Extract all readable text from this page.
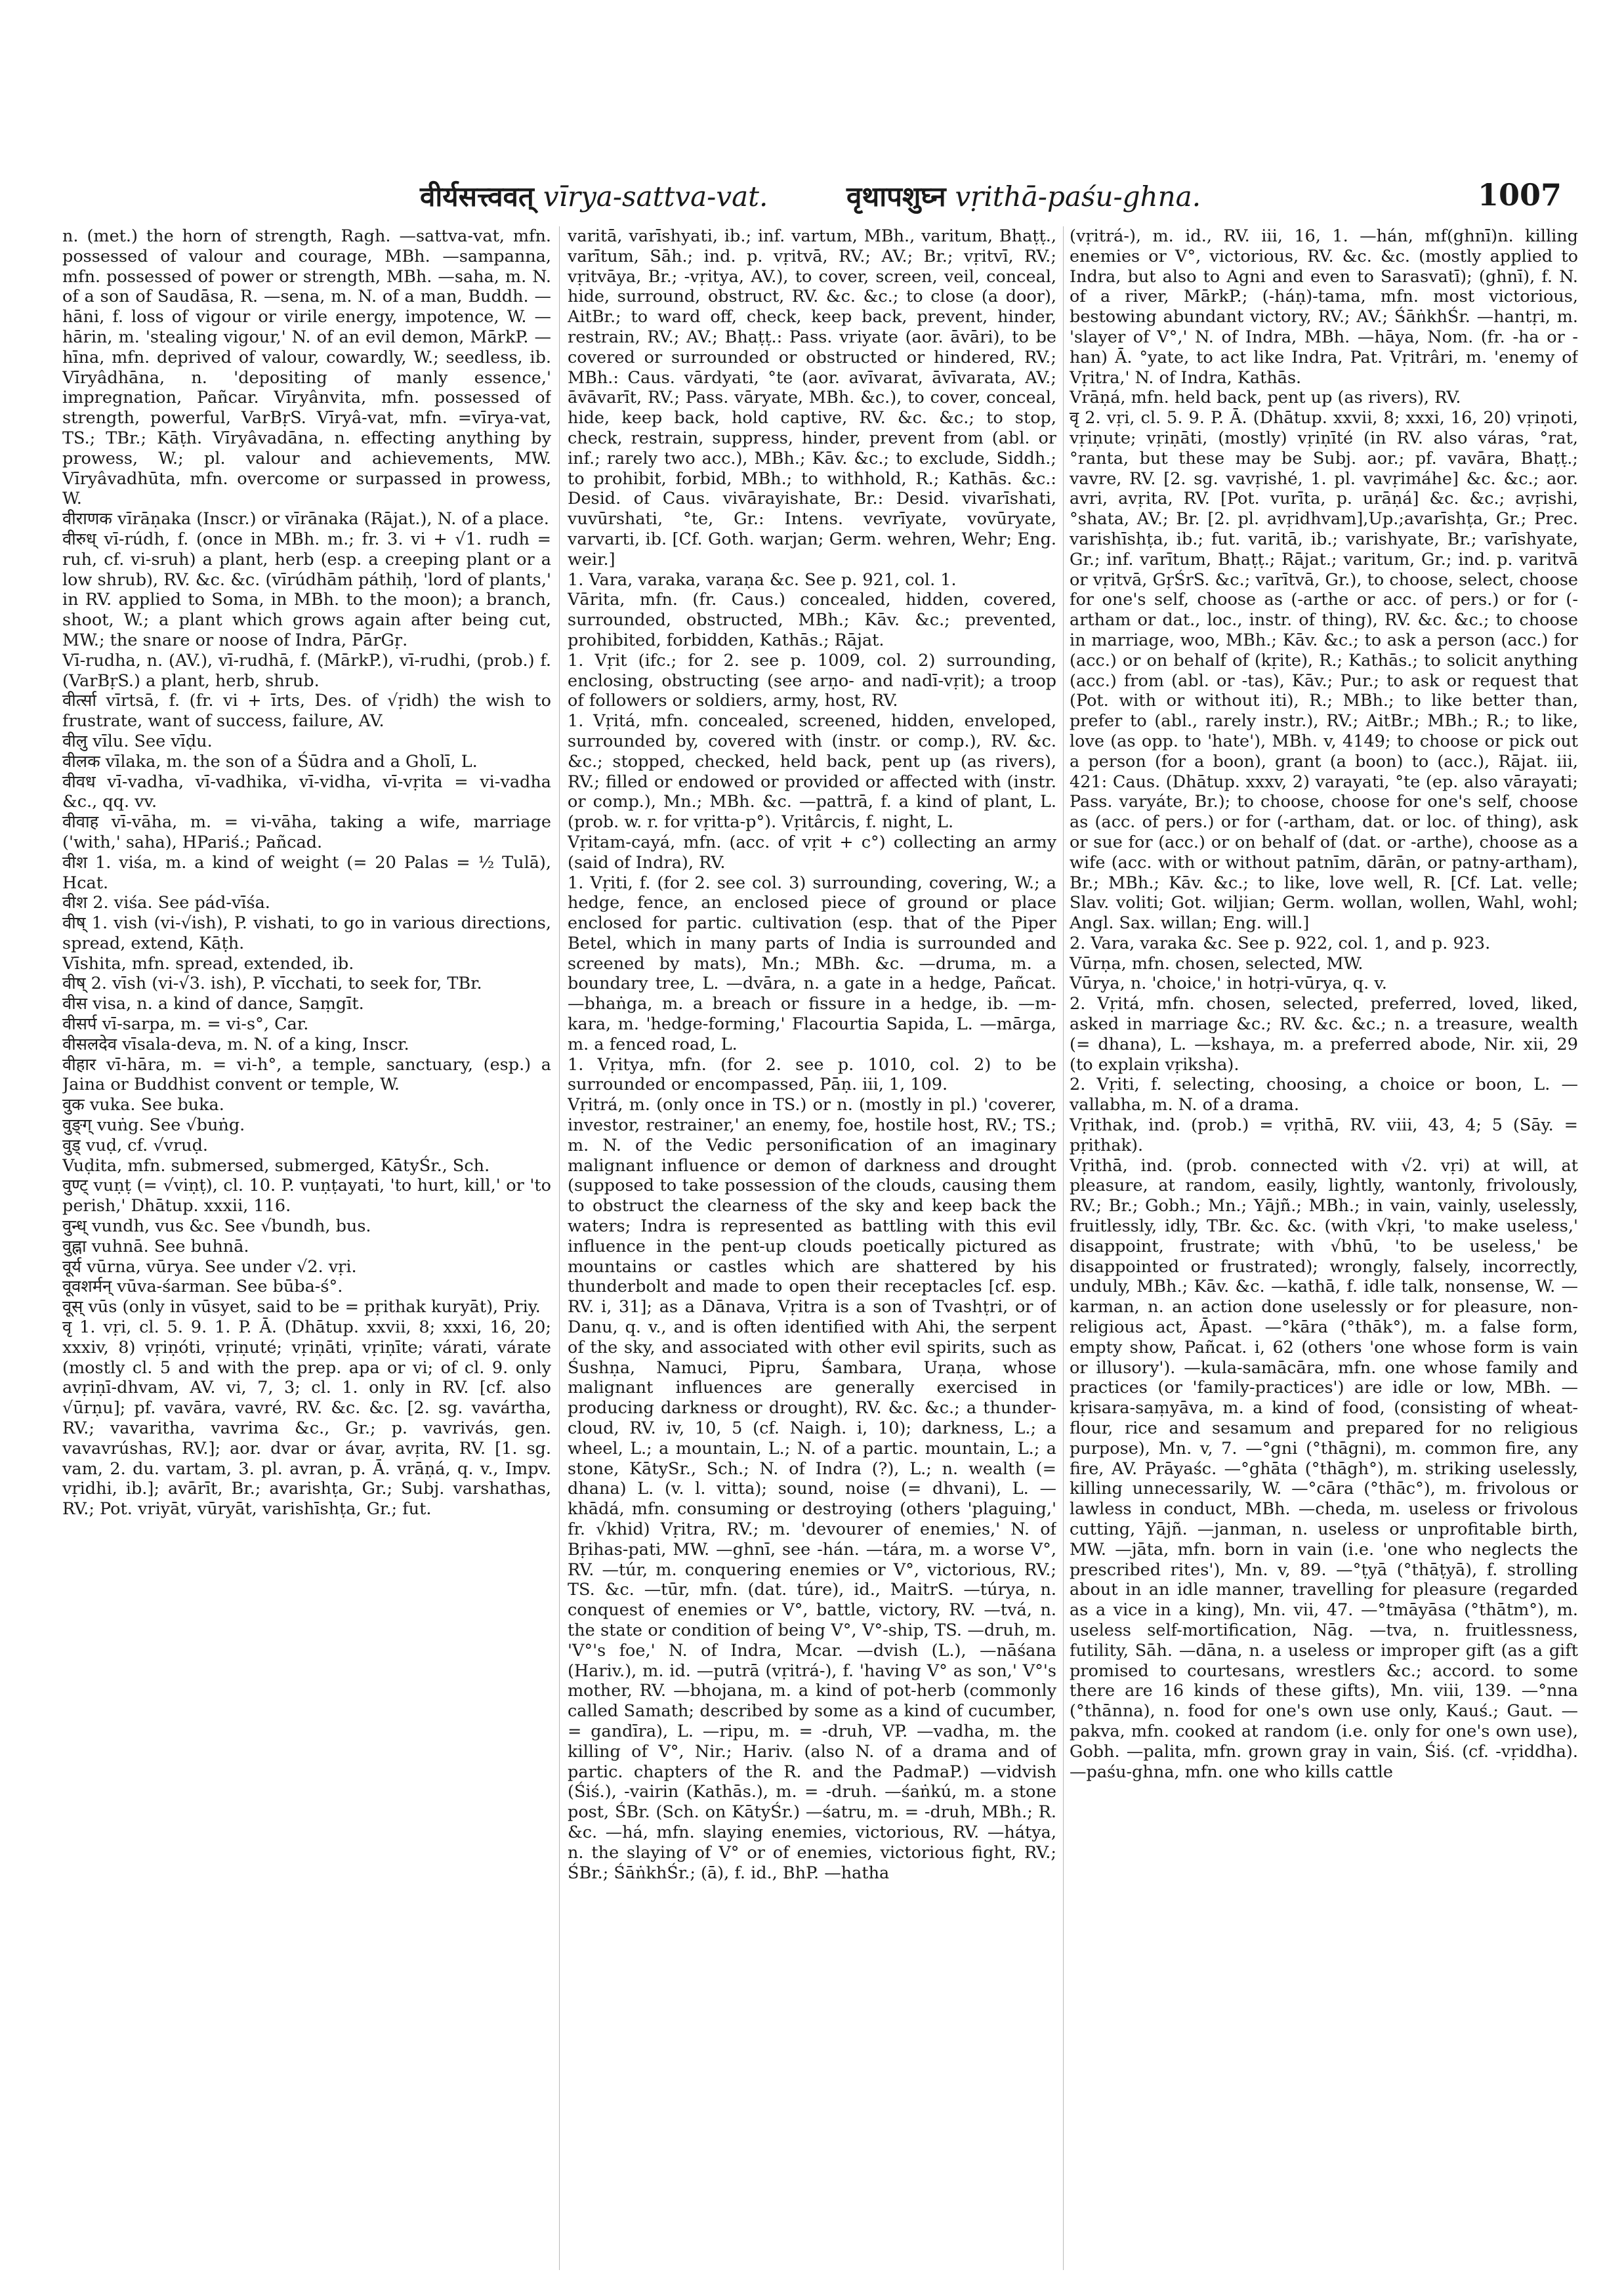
वीर्यसत्त्ववत् vīrya-sattva-vat.	वृथापशुघ्न vṛithā-paśu-ghna.	1007

n. (met.) the horn of strength, Ragh. —sattva-vat, mfn. possessed of valour and courage, MBh. —sampanna, mfn. possessed of power or strength, MBh. —saha, m. N. of a son of Saudāsa, R. —sena, m. N. of a man, Buddh. —hāni, f. loss of vigour or virile energy, impotence, W. —hārin, m. 'stealing vigour,' N. of an evil demon, MārkP. —hīna, mfn. deprived of valour, cowardly, W.; seedless, ib. Vīryâdhāna, n. 'depositing of manly essence,' impregnation, Pañcar. Vīryânvita, mfn. possessed of strength, powerful, VarBṛS. Vīryâ-vat, mfn. =vīrya-vat, TS.; TBr.; Kāṭh. Vīryâvadāna, n. effecting anything by prowess, W.; pl. valour and achievements, MW. Vīryâvadhūta, mfn. overcome or surpassed in prowess, W.

वीराणक vīrāṇaka (Inscr.) or vīrānaka (Rājat.), N. of a place.

वीरुध् vī-rúdh, f. (once in MBh. m.; fr. 3. vi + √1. rudh = ruh, cf. vi-sruh) a plant, herb (esp. a creeping plant or a low shrub), RV. &c. &c. (vīrúdhām páthiḥ, 'lord of plants,' in RV. applied to Soma, in MBh. to the moon); a branch, shoot, W.; a plant which grows again after being cut, MW.; the snare or noose of Indra, PārGṛ.

Vī-rudha, n. (AV.), vī-rudhā, f. (MārkP.), vī-rudhi, (prob.) f. (VarBṛS.) a plant, herb, shrub.

वीर्त्सा vīrtsā, f. (fr. vi + īrts, Des. of √ṛidh) the wish to frustrate, want of success, failure, AV.

वीलु vīlu. See vīḍu.

वीलक vīlaka, m. the son of a Śūdra and a Gholī, L.

वीवध vī-vadha, vī-vadhika, vī-vidha, vī-vṛita = vi-vadha &c., qq. vv.

वीवाह vī-vāha, m. = vi-vāha, taking a wife, marriage ('with,' saha), HPariś.; Pañcad.

वीश 1. viśa, m. a kind of weight (= 20 Palas = ½ Tulā), Hcat.

वीश 2. viśa. See pád-vīśa.

वीष् 1. vish (vi-√ish), P. vishati, to go in various directions, spread, extend, Kāṭh.

Vīshita, mfn. spread, extended, ib.

वीष् 2. vīsh (vi-√3. ish), P. vīcchati, to seek for, TBr.

वीस visa, n. a kind of dance, Saṃgīt.

वीसर्प vī-sarpa, m. = vi-s°, Car.

वीसलदेव vīsala-deva, m. N. of a king, Inscr.

वीहार vī-hāra, m. = vi-h°, a temple, sanctuary, (esp.) a Jaina or Buddhist convent or temple, W.

वुक vuka. See buka.

वुङ्ग् vuṅg. See √buṅg.

वुड् vuḍ, cf. √vruḍ.

Vuḍita, mfn. submersed, submerged, KātyŚr., Sch.

वुण्ट् vuṇṭ (= √viṇṭ), cl. 10. P. vuṇṭayati, 'to hurt, kill,' or 'to perish,' Dhātup. xxxii, 116.

वुन्ध् vundh, vus &c. See √bundh, bus.

वुह्ना vuhnā. See buhnā.

वूर्य vūrna, vūrya. See under √2. vṛi.

वूवशर्मन् vūva-śarman. See būba-ś°.

वूस् vūs (only in vūsyet, said to be = pṛithak kuryāt), Priy.

वृ 1. vṛi, cl. 5. 9. 1. P. Ā. (Dhātup. xxvii, 8; xxxi, 16, 20; xxxiv, 8) vṛiṇóti, vṛiṇuté; vṛiṇāti, vṛiṇīte; várati, várate (mostly cl. 5 and with the prep. apa or vi; of cl. 9. only avṛiṇī-dhvam, AV. vi, 7, 3; cl. 1. only in RV. [cf. also √ūrṇu]; pf. vavāra, vavré, RV. &c. &c. [2. sg. vavártha, RV.; vavaritha, vavrima &c., Gr.; p. vavrivás, gen. vavavrúshas, RV.]; aor. dvar or ávar, avṛita, RV. [1. sg. vam, 2. du. vartam, 3. pl. avran, p. Ā. vrāṇá, q. v., Impv. vṛidhi, ib.]; avārīt, Br.; avarishṭa, Gr.; Subj. varshathas, RV.; Pot. vriyāt, vūryāt, varishīshṭa, Gr.; fut.

varitā, varīshyati, ib.; inf. vartum, MBh., varitum, Bhaṭṭ., varītum, Sāh.; ind. p. vṛitvā, RV.; AV.; Br.; vṛitvī, RV.; vṛitvāya, Br.; -vṛitya, AV.), to cover, screen, veil, conceal, hide, surround, obstruct, RV. &c. &c.; to close (a door), AitBr.; to ward off, check, keep back, prevent, hinder, restrain, RV.; AV.; Bhaṭṭ.: Pass. vriyate (aor. āvāri), to be covered or surrounded or obstructed or hindered, RV.; MBh.: Caus. vārdyati, °te (aor. avīvarat, āvīvarata, AV.; āvāvarīt, RV.; Pass. vāryate, MBh. &c.), to cover, conceal, hide, keep back, hold captive, RV. &c. &c.; to stop, check, restrain, suppress, hinder, prevent from (abl. or inf.; rarely two acc.), MBh.; Kāv. &c.; to exclude, Siddh.; to prohibit, forbid, MBh.; to withhold, R.; Kathās. &c.: Desid. of Caus. vivārayishate, Br.: Desid. vivarīshati, vuvūrshati, °te, Gr.: Intens. vevrīyate, vovūryate, varvarti, ib. [Cf. Goth. warjan; Germ. wehren, Wehr; Eng. weir.]

1. Vara, varaka, varaṇa &c. See p. 921, col. 1.

Vārita, mfn. (fr. Caus.) concealed, hidden, covered, surrounded, obstructed, MBh.; Kāv. &c.; prevented, prohibited, forbidden, Kathās.; Rājat.

1. Vṛit (ifc.; for 2. see p. 1009, col. 2) surrounding, enclosing, obstructing (see arṇo- and nadī-vṛit); a troop of followers or soldiers, army, host, RV.

1. Vṛitá, mfn. concealed, screened, hidden, enveloped, surrounded by, covered with (instr. or comp.), RV. &c. &c.; stopped, checked, held back, pent up (as rivers), RV.; filled or endowed or provided or affected with (instr. or comp.), Mn.; MBh. &c. —pattrā, f. a kind of plant, L. (prob. w. r. for vṛitta-p°). Vṛitârcis, f. night, L.

Vṛitam-cayá, mfn. (acc. of vṛit + c°) collecting an army (said of Indra), RV.

1. Vṛiti, f. (for 2. see col. 3) surrounding, covering, W.; a hedge, fence, an enclosed piece of ground or place enclosed for partic. cultivation (esp. that of the Piper Betel, which in many parts of India is surrounded and screened by mats), Mn.; MBh. &c. —druma, m. a boundary tree, L. —dvāra, n. a gate in a hedge, Pañcat. —bhaṅga, m. a breach or fissure in a hedge, ib. —m-kara, m. 'hedge-forming,' Flacourtia Sapida, L. —mārga, m. a fenced road, L.

1. Vṛitya, mfn. (for 2. see p. 1010, col. 2) to be surrounded or encompassed, Pāṇ. iii, 1, 109.

Vṛitrá, m. (only once in TS.) or n. (mostly in pl.) 'coverer, investor, restrainer,' an enemy, foe, hostile host, RV.; TS.; m. N. of the Vedic personification of an imaginary malignant influence or demon of darkness and drought (supposed to take possession of the clouds, causing them to obstruct the clearness of the sky and keep back the waters; Indra is represented as battling with this evil influence in the pent-up clouds poetically pictured as mountains or castles which are shattered by his thunderbolt and made to open their receptacles [cf. esp. RV. i, 31]; as a Dānava, Vṛitra is a son of Tvashṭri, or of Danu, q. v., and is often identified with Ahi, the serpent of the sky, and associated with other evil spirits, such as Śushṇa, Namuci, Pipru, Śambara, Uraṇa, whose malignant influences are generally exercised in producing darkness or drought), RV. &c. &c.; a thunder-cloud, RV. iv, 10, 5 (cf. Naigh. i, 10); darkness, L.; a wheel, L.; a mountain, L.; N. of a partic. mountain, L.; a stone, KātySr., Sch.; N. of Indra (?), L.; n. wealth (= dhana) L. (v. l. vitta); sound, noise (= dhvani), L. —khādá, mfn. consuming or destroying (others 'plaguing,' fr. √khid) Vṛitra, RV.; m. 'devourer of enemies,' N. of Bṛihas-pati, MW. —ghnī, see -hán. —tára, m. a worse V°, RV. —túr, m. conquering enemies or V°, victorious, RV.; TS. &c. —tūr, mfn. (dat. túre), id., MaitrS. —túrya, n. conquest of enemies or V°, battle, victory, RV. —tvá, n. the state or condition of being V°, V°-ship, TS. —druh, m. 'V°'s foe,' N. of Indra, Mcar. —dvish (L.), —nāśana (Hariv.), m. id. —putrā (vṛitrá-), f. 'having V° as son,' V°'s mother, RV. —bhojana, m. a kind of pot-herb (commonly called Samath; described by some as a kind of cucumber, = gandīra), L. —ripu, m. = -druh, VP. —vadha, m. the killing of V°, Nir.; Hariv. (also N. of a drama and of partic. chapters of the R. and the PadmaP.) —vidvish (Śiś.), -vairin (Kathās.), m. = -druh. —śaṅkú, m. a stone post, ŚBr. (Sch. on KātyŚr.) —śatru, m. = -druh, MBh.; R. &c. —há, mfn. slaying enemies, victorious, RV. —hátya, n. the slaying of V° or of enemies, victorious fight, RV.; ŚBr.; ŚāṅkhŚr.; (ā), f. id., BhP. —hatha

(vṛitrá-), m. id., RV. iii, 16, 1. —hán, mf(ghnī)n. killing enemies or V°, victorious, RV. &c. &c. (mostly applied to Indra, but also to Agni and even to Sarasvatī); (ghnī), f. N. of a river, MārkP.; (-háṇ)-tama, mfn. most victorious, bestowing abundant victory, RV.; AV.; ŚāṅkhŚr. —hantṛi, m. 'slayer of V°,' N. of Indra, MBh. —hāya, Nom. (fr. -ha or -han) Ā. °yate, to act like Indra, Pat. Vṛitrâri, m. 'enemy of Vṛitra,' N. of Indra, Kathās.

Vrāṇá, mfn. held back, pent up (as rivers), RV.

वृ 2. vṛi, cl. 5. 9. P. Ā. (Dhātup. xxvii, 8; xxxi, 16, 20) vṛiṇoti, vṛiṇute; vṛiṇāti, (mostly) vṛiṇīté (in RV. also váras, °rat, °ranta, but these may be Subj. aor.; pf. vavāra, Bhaṭṭ.; vavre, RV. [2. sg. vavṛishé, 1. pl. vavṛimáhe] &c. &c.; aor. avri, avṛita, RV. [Pot. vurīta, p. urāṇá] &c. &c.; avṛishi, °shata, AV.; Br. [2. pl. avṛidhvam],Up.;avarīshṭa, Gr.; Prec. varishīshṭa, ib.; fut. varitā, ib.; varishyate, Br.; varīshyate, Gr.; inf. varītum, Bhaṭṭ.; Rājat.; varitum, Gr.; ind. p. varitvā or vṛitvā, GṛŚrS. &c.; varītvā, Gr.), to choose, select, choose for one's self, choose as (-arthe or acc. of pers.) or for (-artham or dat., loc., instr. of thing), RV. &c. &c.; to choose in marriage, woo, MBh.; Kāv. &c.; to ask a person (acc.) for (acc.) or on behalf of (kṛite), R.; Kathās.; to solicit anything (acc.) from (abl. or -tas), Kāv.; Pur.; to ask or request that (Pot. with or without iti), R.; MBh.; to like better than, prefer to (abl., rarely instr.), RV.; AitBr.; MBh.; R.; to like, love (as opp. to 'hate'), MBh. v, 4149; to choose or pick out a person (for a boon), grant (a boon) to (acc.), Rājat. iii, 421: Caus. (Dhātup. xxxv, 2) varayati, °te (ep. also vārayati; Pass. varyáte, Br.); to choose, choose for one's self, choose as (acc. of pers.) or for (-artham, dat. or loc. of thing), ask or sue for (acc.) or on behalf of (dat. or -arthe), choose as a wife (acc. with or without patnīm, dārān, or patny-artham), Br.; MBh.; Kāv. &c.; to like, love well, R. [Cf. Lat. velle; Slav. voliti; Got. wiljian; Germ. wollan, wollen, Wahl, wohl; Angl. Sax. willan; Eng. will.]

2. Vara, varaka &c. See p. 922, col. 1, and p. 923.

Vūrṇa, mfn. chosen, selected, MW.

Vūrya, n. 'choice,' in hotṛi-vūrya, q. v.

2. Vṛitá, mfn. chosen, selected, preferred, loved, liked, asked in marriage &c.; RV. &c. &c.; n. a treasure, wealth (= dhana), L. —kshaya, m. a preferred abode, Nir. xii, 29 (to explain vṛiksha).

2. Vṛiti, f. selecting, choosing, a choice or boon, L. —vallabha, m. N. of a drama.

Vṛithak, ind. (prob.) = vṛithā, RV. viii, 43, 4; 5 (Sāy. = pṛithak).

Vṛithā, ind. (prob. connected with √2. vṛi) at will, at pleasure, at random, easily, lightly, wantonly, frivolously, RV.; Br.; Gobh.; Mn.; Yājñ.; MBh.; in vain, vainly, uselessly, fruitlessly, idly, TBr. &c. &c. (with √kṛi, 'to make useless,' disappoint, frustrate; with √bhū, 'to be useless,' be disappointed or frustrated); wrongly, falsely, incorrectly, unduly, MBh.; Kāv. &c. —kathā, f. idle talk, nonsense, W. —karman, n. an action done uselessly or for pleasure, non-religious act, Āpast. —°kāra (°thāk°), m. a false form, empty show, Pañcat. i, 62 (others 'one whose form is vain or illusory'). —kula-samācāra, mfn. one whose family and practices (or 'family-practices') are idle or low, MBh. —kṛisara-saṃyāva, m. a kind of food, (consisting of wheat-flour, rice and sesamum and prepared for no religious purpose), Mn. v, 7. —°gni (°thāgni), m. common fire, any fire, AV. Prāyaśc. —°ghāta (°thāgh°), m. striking uselessly, killing unnecessarily, W. —°cāra (°thāc°), m. frivolous or lawless in conduct, MBh. —cheda, m. useless or frivolous cutting, Yājñ. —janman, n. useless or unprofitable birth, MW. —jāta, mfn. born in vain (i.e. 'one who neglects the prescribed rites'), Mn. v, 89. —°ṭyā (°thāṭyā), f. strolling about in an idle manner, travelling for pleasure (regarded as a vice in a king), Mn. vii, 47. —°tmāyāsa (°thātm°), m. useless self-mortification, Nāg. —tva, n. fruitlessness, futility, Sāh. —dāna, n. a useless or improper gift (as a gift promised to courtesans, wrestlers &c.; accord. to some there are 16 kinds of these gifts), Mn. viii, 139. —°nna (°thānna), n. food for one's own use only, Kauś.; Gaut. —pakva, mfn. cooked at random (i.e. only for one's own use), Gobh. —palita, mfn. grown gray in vain, Śiś. (cf. -vṛiddha). —paśu-ghna, mfn. one who kills cattle
